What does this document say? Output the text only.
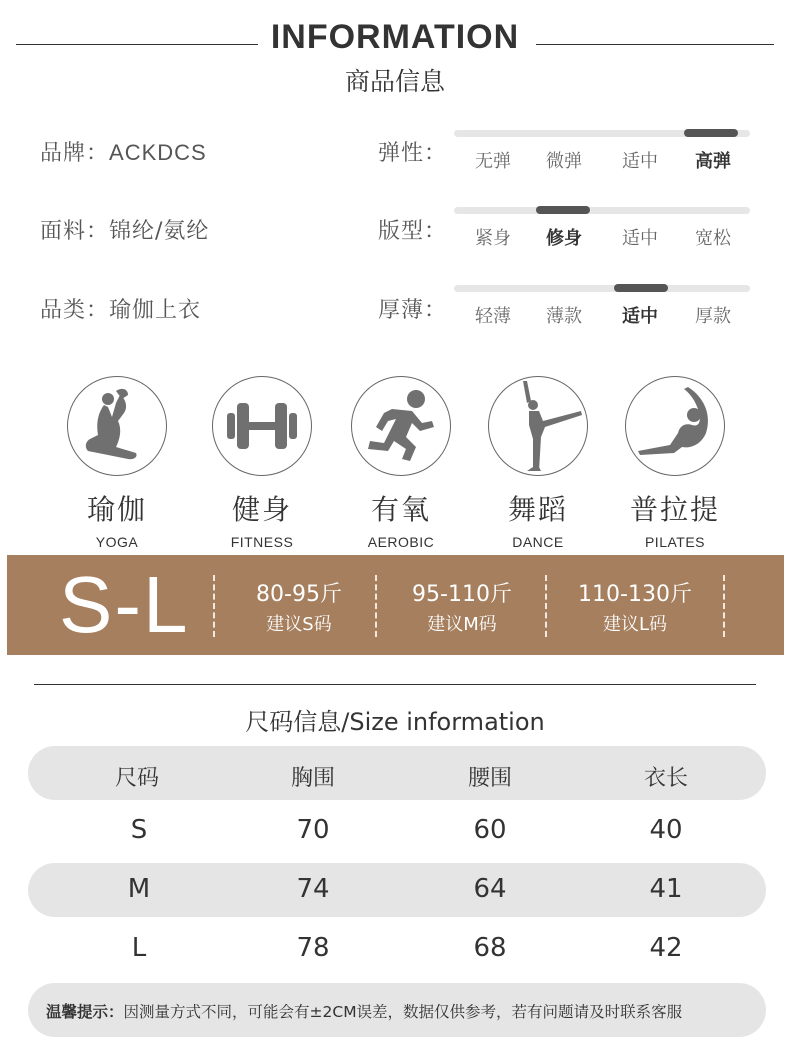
INFORMATION
商品信息
品牌：ACKDCS
面料：锦纶/氨纶
品类：瑜伽上衣
弹性：	无弹	微弹	适中	高弹
版型：	紧身	修身	适中	宽松
厚薄：	轻薄	薄款	适中	厚款
瑜伽
YOGA
健身
FITNESS
有氧
AEROBIC
舞蹈
DANCE
普拉提
PILATES
S-L	80-95斤
建议S码
95-110斤
建议M码
110-130斤
建议L码
尺码信息/Size information
尺码	胸围	腰围	衣长
S	70	60	40
M	74	64	41
L	78	68	42
温馨提示：因测量方式不同，可能会有±2CM误差，数据仅供参考，若有问题请及时联系客服
